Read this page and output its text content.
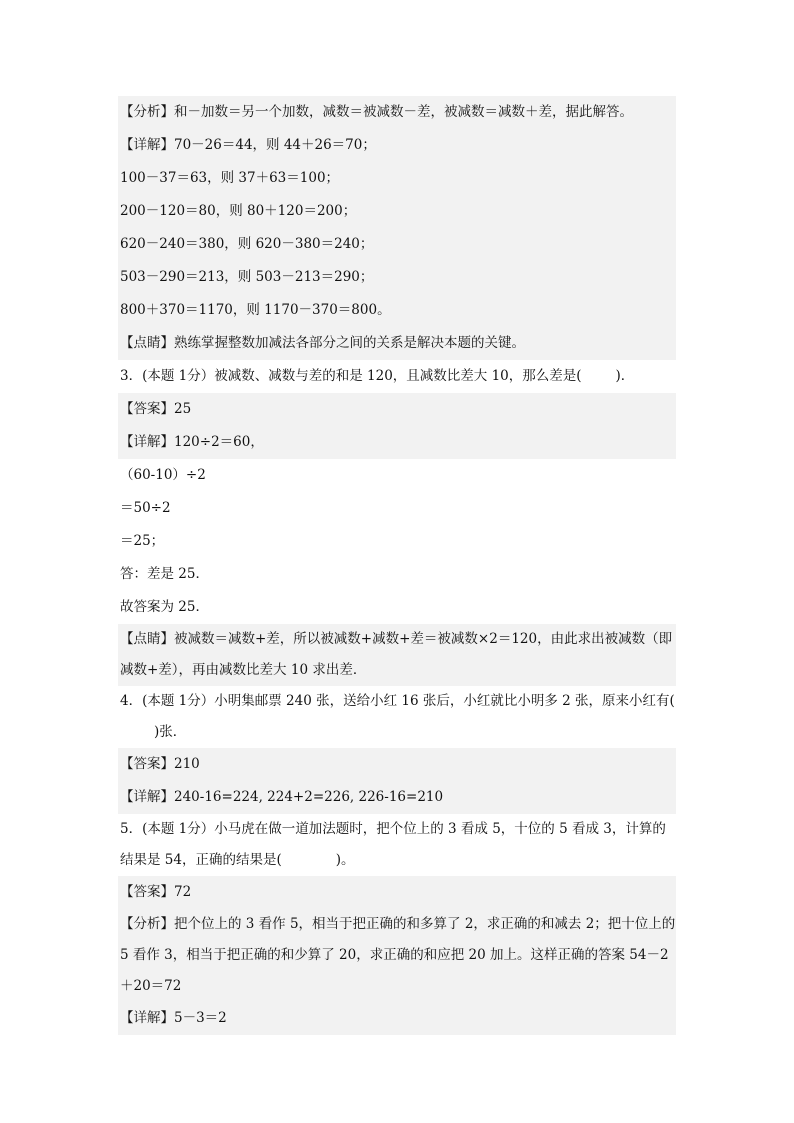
【分析】和－加数＝另一个加数，减数＝被减数－差，被减数＝减数＋差，据此解答。
【详解】70－26＝44，则 44＋26＝70；
100－37＝63，则 37＋63＝100；
200－120＝80，则 80＋120＝200；
620－240＝380，则 620－380＝240；
503－290＝213，则 503－213＝290；
800＋370＝1170，则 1170－370＝800。
【点睛】熟练掌握整数加减法各部分之间的关系是解决本题的关键。
3．(本题 1分）被减数、减数与差的和是 120，且减数比差大 10，那么差是(	)．
【答案】25
【详解】120÷2＝60，
（60-10）÷2
＝50÷2
＝25；
答：差是 25．
故答案为 25．
【点睛】被减数＝减数+差，所以被减数+减数+差＝被减数×2＝120，由此求出被减数（即减数+差），再由减数比差大 10 求出差．
4．(本题 1分）小明集邮票 240 张，送给小红 16 张后，小红就比小明多 2 张，原来小红有()张．
【答案】210
【详解】240-16=224, 224+2=226, 226-16=210
5．(本题 1分）小马虎在做一道加法题时，把个位上的 3 看成 5，十位的 5 看成 3，计算的结果是 54，正确的结果是(	)。
【答案】72
【分析】把个位上的 3 看作 5，相当于把正确的和多算了 2，求正确的和减去 2；把十位上的 5 看作 3，相当于把正确的和少算了 20，求正确的和应把 20 加上。这样正确的答案 54－2＋20＝72
【详解】5－3＝2
